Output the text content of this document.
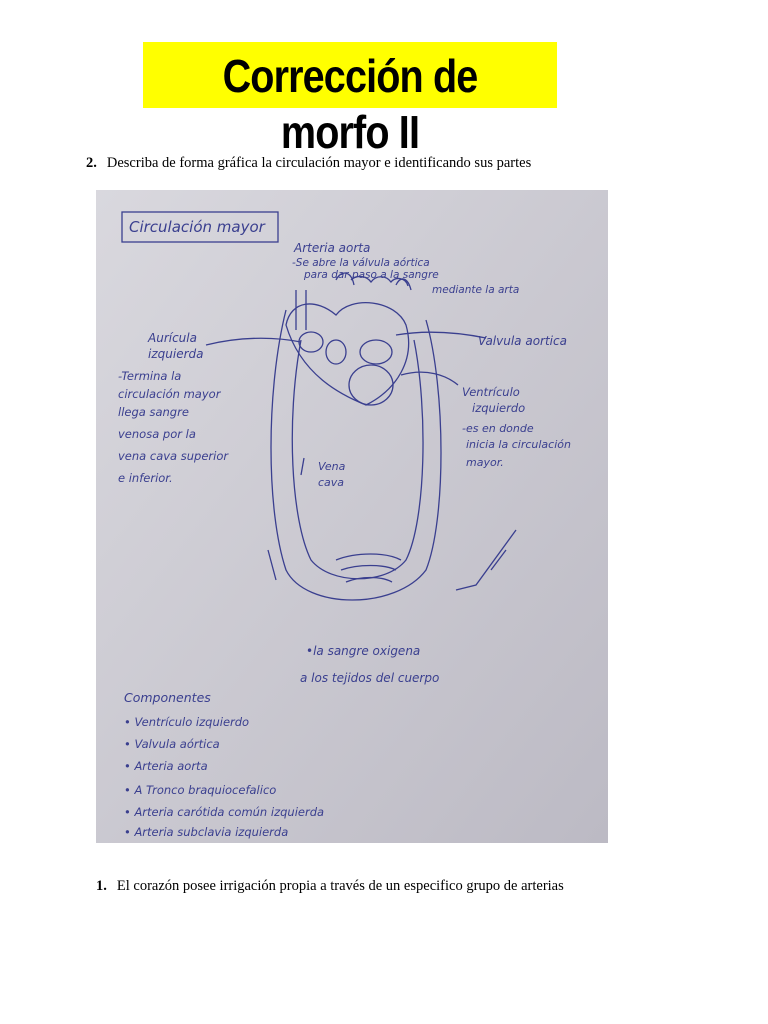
Corrección de morfo II
2. Describa de forma gráfica la circulación mayor e identificando sus partes
Circulación mayor
Arteria aorta
-Se abre la válvula aórtica
para dar paso a la sangre
mediante la arta
Aurícula
izquierda
-Termina la
circulación mayor
llega sangre
venosa por la
vena cava superior
e inferior.
Valvula aortica
Ventrículo
izquierdo
-es en donde
inicia la circulación
mayor.
Vena
cava
•la sangre oxigena
a los tejidos del cuerpo
Componentes
• Ventrículo izquierdo
• Valvula aórtica
• Arteria aorta
• A Tronco braquiocefalico
• Arteria carótida común izquierda
• Arteria subclavia izquierda
1. El corazón posee irrigación propia a través de un especifico grupo de arterias
